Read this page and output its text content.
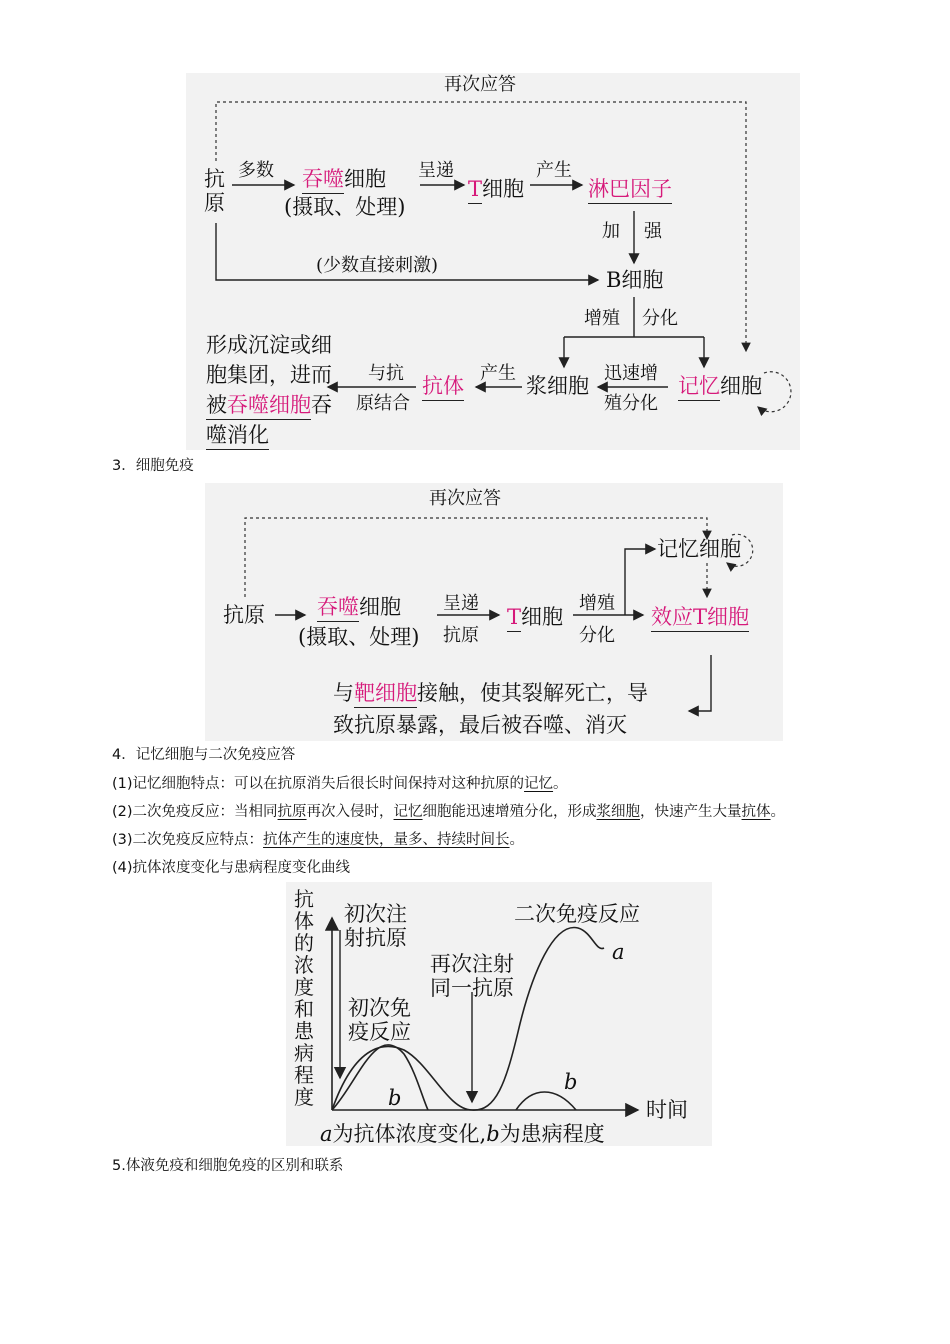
再次应答
抗
原
多数 吞噬细胞
(摄取、处理)
呈递
T细胞
产生
淋巴因子
加 强
(少数直接刺激)
B细胞
增殖 分化
浆细胞
迅速增
殖分化
记忆细胞
产生
抗体
与抗
原结合
形成沉淀或细
胞集团，进而
被吞噬细胞吞
噬消化
3．细胞免疫
再次应答
记忆细胞
抗原 吞噬细胞
(摄取、处理)
呈递
抗原
T细胞
增殖
分化
效应T细胞
与靶细胞接触，使其裂解死亡，导
致抗原暴露，最后被吞噬、消灭
4．记忆细胞与二次免疫应答
(1)记忆细胞特点：可以在抗原消失后很长时间保持对这种抗原的记忆。
(2)二次免疫反应：当相同抗原再次入侵时，记忆细胞能迅速增殖分化，形成浆细胞，快速产生大量抗体。
(3)二次免疫反应特点：抗体产生的速度快，量多、持续时间长。
(4)抗体浓度变化与患病程度变化曲线
抗
体
的
浓
度
和
患
病
程
度
初次注
射抗原
初次免
疫反应
再次注射
同一抗原
二次免疫反应
a
b
b
时间
a为抗体浓度变化,b为患病程度
5.体液免疫和细胞免疫的区别和联系
